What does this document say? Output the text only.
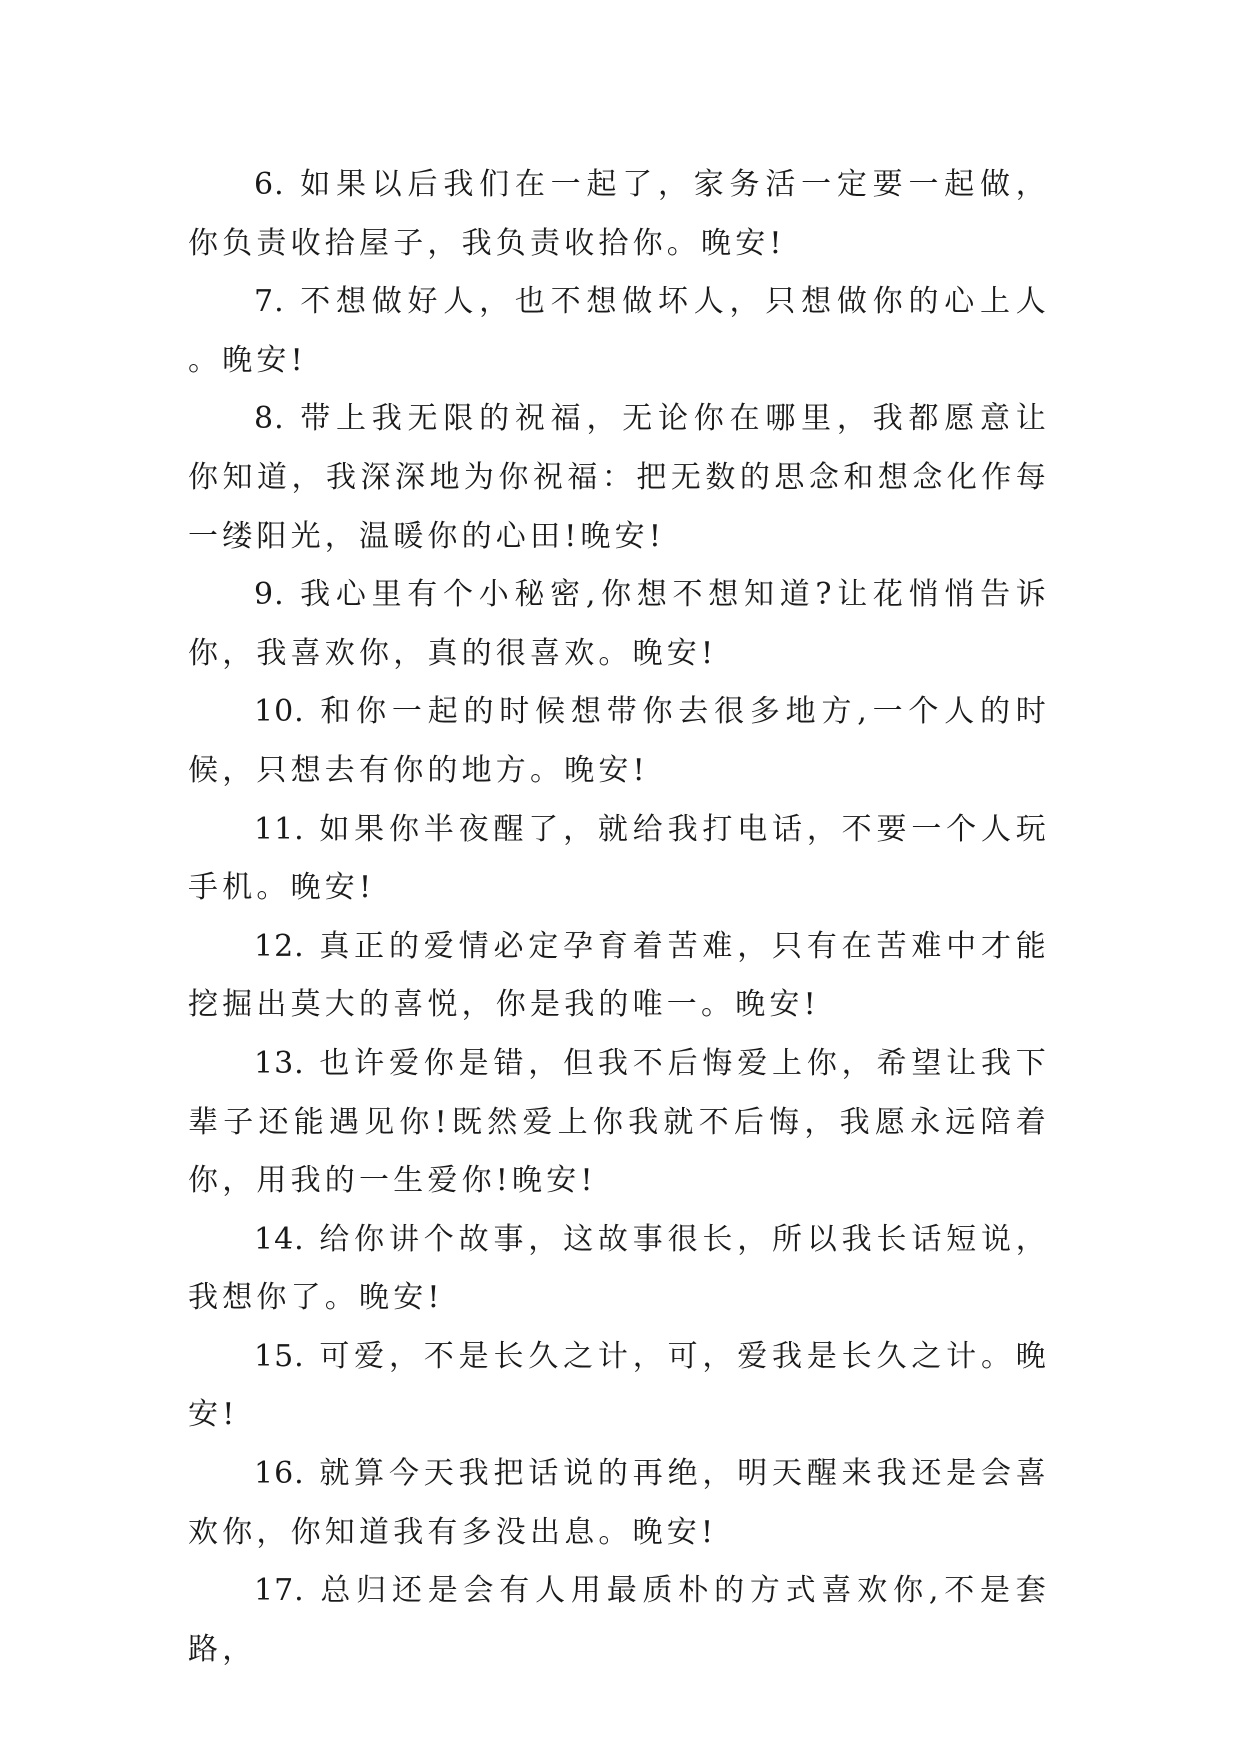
6. 如果以后我们在一起了，家务活一定要一起做，你负责收拾屋子，我负责收拾你。晚安!

7. 不想做好人，也不想做坏人，只想做你的心上人。晚安!

8. 带上我无限的祝福，无论你在哪里，我都愿意让你知道，我深深地为你祝福：把无数的思念和想念化作每一缕阳光，温暖你的心田!晚安!

9. 我心里有个小秘密,你想不想知道?让花悄悄告诉你，我喜欢你，真的很喜欢。晚安!

10. 和你一起的时候想带你去很多地方,一个人的时候，只想去有你的地方。晚安!

11. 如果你半夜醒了，就给我打电话，不要一个人玩手机。晚安!

12. 真正的爱情必定孕育着苦难，只有在苦难中才能挖掘出莫大的喜悦，你是我的唯一。晚安!

13. 也许爱你是错，但我不后悔爱上你，希望让我下辈子还能遇见你!既然爱上你我就不后悔，我愿永远陪着你，用我的一生爱你!晚安!

14. 给你讲个故事，这故事很长，所以我长话短说，我想你了。晚安!

15. 可爱，不是长久之计，可，爱我是长久之计。晚安!

16. 就算今天我把话说的再绝，明天醒来我还是会喜欢你，你知道我有多没出息。晚安!

17. 总归还是会有人用最质朴的方式喜欢你,不是套路，
